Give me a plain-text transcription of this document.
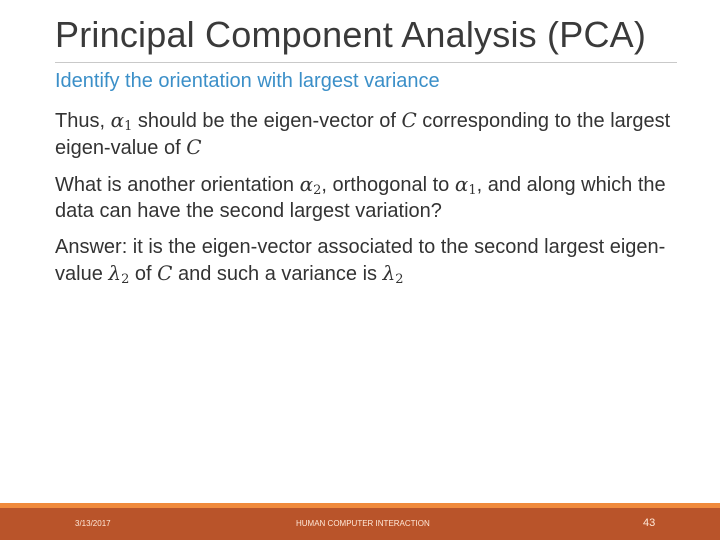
Principal Component Analysis (PCA)
Identify the orientation with largest variance

Thus, $\alpha_1$ should be the eigen-vector of C corresponding to the largest eigen-value of C

What is another orientation $\alpha_2$, orthogonal to $\alpha_1$, and along which the data can have the second largest variation?

Answer: it is the eigen-vector associated to the second largest eigen-value $\lambda_2$ of C and such a variance is $\lambda_2$

3/13/2017	HUMAN COMPUTER INTERACTION	43
